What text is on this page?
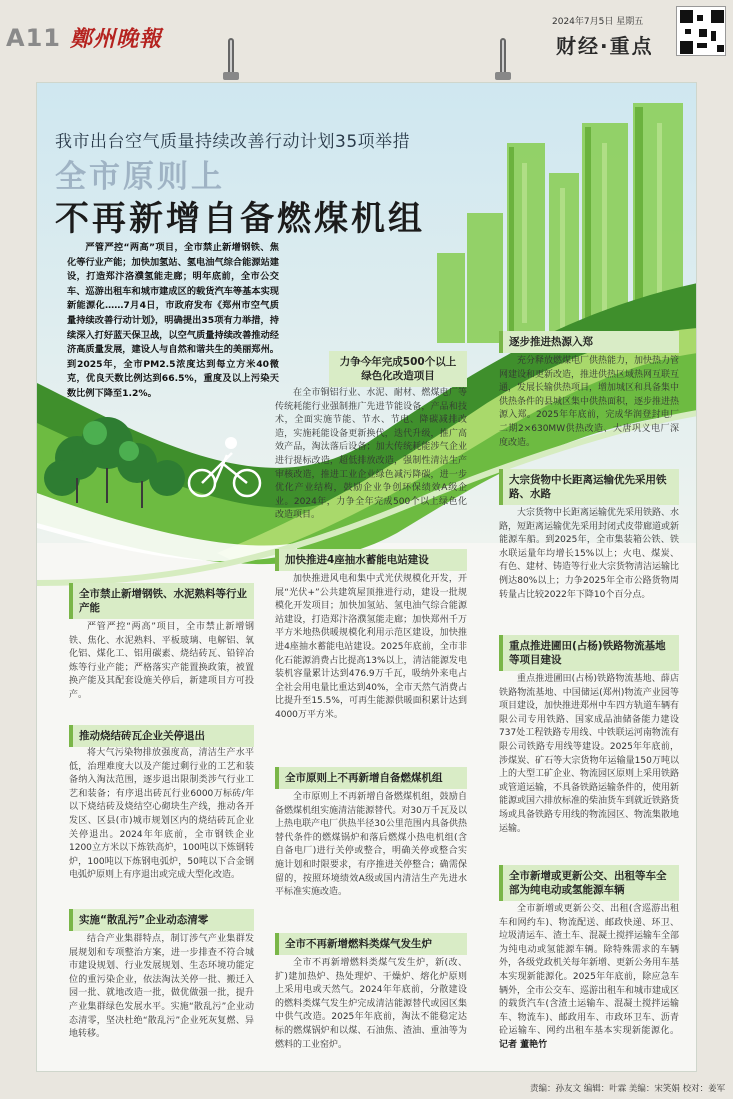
A11 鄭州晚報
2024年7月5日 星期五
财经·重点
我市出台空气质量持续改善行动计划35项举措
全市原则上
不再新增自备燃煤机组
严管严控“两高”项目，全市禁止新增钢铁、焦化等行业产能；加快加氢站、氢电油气综合能源站建设，打造郑汴洛濮氢能走廊；明年底前，全市公交车、巡游出租车和城市建成区的载货汽车等基本实现新能源化……7月4日，市政府发布《郑州市空气质量持续改善行动计划》，明确提出35项有力举措，持续深入打好蓝天保卫战，以空气质量持续改善推动经济高质量发展，建设人与自然和谐共生的美丽郑州。到2025年，全市PM2.5浓度达到每立方米40微克，优良天数比例达到66.5%，重度及以上污染天数比例下降至1.2%。
全市禁止新增钢铁、水泥熟料等行业产能
严管严控“两高”项目，全市禁止新增钢铁、焦化、水泥熟料、平板玻璃、电解铝、氧化铝、煤化工、铝用碳素、烧结砖瓦、铅锌冶炼等行业产能；严格落实产能置换政策，被置换产能及其配套设施关停后，新建项目方可投产。
推动烧结砖瓦企业关停退出
将大气污染物排放强度高，清洁生产水平低，治理难度大以及产能过剩行业的工艺和装备纳入淘汰范围，逐步退出限制类涉气行业工艺和装备；有序退出砖瓦行业6000万标砖/年以下烧结砖及烧结空心砌块生产线，推动各开发区、区县(市)城市规划区内的烧结砖瓦企业关停退出。2024年年底前，全市钢铁企业1200立方米以下炼铁高炉，100吨以下炼钢转炉，100吨以下炼钢电弧炉，50吨以下合金钢电弧炉原则上有序退出或完成大型化改造。
实施“散乱污”企业动态清零
结合产业集群特点，制订涉气产业集群发展规划和专项整治方案，进一步排查不符合城市建设规划、行业发展规划、生态环境功能定位的重污染企业，依法淘汰关停一批、搬迁入园一批、就地改造一批，做优做强一批，提升产业集群绿色发展水平。实施“散乱污”企业动态清零，坚决杜绝“散乱污”企业死灰复燃、异地转移。
力争今年完成500个以上绿色化改造项目
在全市铜铝行业、水泥、耐材、燃煤电厂等传统耗能行业强制推广先进节能设备，产品和技术，全面实施节能、节水、节电、降碳减排改造，实施耗能设备更新换代，迭代升级，推广高效产品，淘汰落后设备；加大传统耗能涉气企业进行提标改造，超低排放改造，强制性清洁生产审核改造，推进工业企业绿色减污降碳，进一步优化产业结构，鼓励企业争创环保绩效A级企业。2024年，力争全年完成500个以上绿色化改造项目。
加快推进4座抽水蓄能电站建设
加快推进风电和集中式光伏规模化开发，开展“光伏+”公共建筑屋顶推进行动，建设一批规模化开发项目；加快加氢站、氢电油气综合能源站建设，打造郑汴洛濮氢能走廊；加快郑州千万平方米地热供暖规模化利用示范区建设，加快推进4座抽水蓄能电站建设。2025年底前，全市非化石能源消费占比提高13%以上，清洁能源发电装机容量累计达到476.9万千瓦，吸纳外来电占全社会用电量比重达到40%，全市天然气消费占比提升至15.5%，可再生能源供暖面积累计达到4000万平方米。
全市原则上不再新增自备燃煤机组
全市原则上不再新增自备燃煤机组，鼓励自备燃煤机组实施清洁能源替代。对30万千瓦及以上热电联产电厂供热半径30公里范围内具备供热替代条件的燃煤锅炉和落后燃煤小热电机组(含自备电厂)进行关停或整合，明确关停或整合实施计划和时限要求，有序推进关停整合；确需保留的，按照环境绩效A级或国内清洁生产先进水平标准实施改造。
全市不再新增燃料类煤气发生炉
全市不再新增燃料类煤气发生炉，新(改、扩)建加热炉、热处理炉、干燥炉、熔化炉原则上采用电或天然气。2024年年底前，分散建设的燃料类煤气发生炉完成清洁能源替代或园区集中供气改造。2025年年底前，淘汰不能稳定达标的燃煤锅炉和以煤、石油焦、渣油、重油等为燃料的工业窑炉。
逐步推进热源入郑
充分释放燃煤电厂供热能力，加快热力管网建设和更新改造，推进供热区域热网互联互通，发展长输供热项目，增加城区和具备集中供热条件的县城区集中供热面积，逐步推进热源入郑。2025年年底前，完成华润登封电厂二期2×630MW供热改造、大唐巩义电厂深度改造。
大宗货物中长距离运输优先采用铁路、水路
大宗货物中长距离运输优先采用铁路、水路，短距离运输优先采用封闭式皮带廊道或新能源车船。到2025年，全市集装箱公铁、铁水联运量年均增长15%以上；火电、煤炭、有色、建材、铸造等行业大宗货物清洁运输比例达80%以上；力争2025年全市公路货物周转量占比较2022年下降10个百分点。
重点推进圃田(占杨)铁路物流基地等项目建设
重点推进圃田(占杨)铁路物流基地、薛店铁路物流基地、中国储运(郑州)物流产业园等项目建设，加快推进郑州中车四方轨道车辆有限公司专用铁路、国家成品油储备能力建设737处工程铁路专用线、中铁联运河南物流有限公司铁路专用线等建设。2025年年底前，涉煤炭、矿石等大宗货物年运输量150万吨以上的大型工矿企业、物流园区原则上采用铁路或管道运输，不具备铁路运输条件的，使用新能源或国六排放标准的柴油货车到就近铁路货场或具备铁路专用线的物流园区、物流集散地运输。
全市新增或更新公交、出租等车全部为纯电动或氢能源车辆
全市新增或更新公交、出租(含巡游出租车和网约车)、物流配送、邮政快递、环卫、垃圾清运车、渣土车、混凝土搅拌运输车全部为纯电动或氢能源车辆。除特殊需求的车辆外，各级党政机关每年新增、更新公务用车基本实现新能源化。2025年年底前，除应急车辆外，全市公交车、巡游出租车和城市建成区的载货汽车(含渣土运输车、混凝土搅拌运输车、物流车)、邮政用车、市政环卫车、沥青砼运输车、网约出租车基本实现新能源化。 记者 董艳竹
责编：孙友文 编辑：叶霖 美编：宋笑娟 校对：姜军
